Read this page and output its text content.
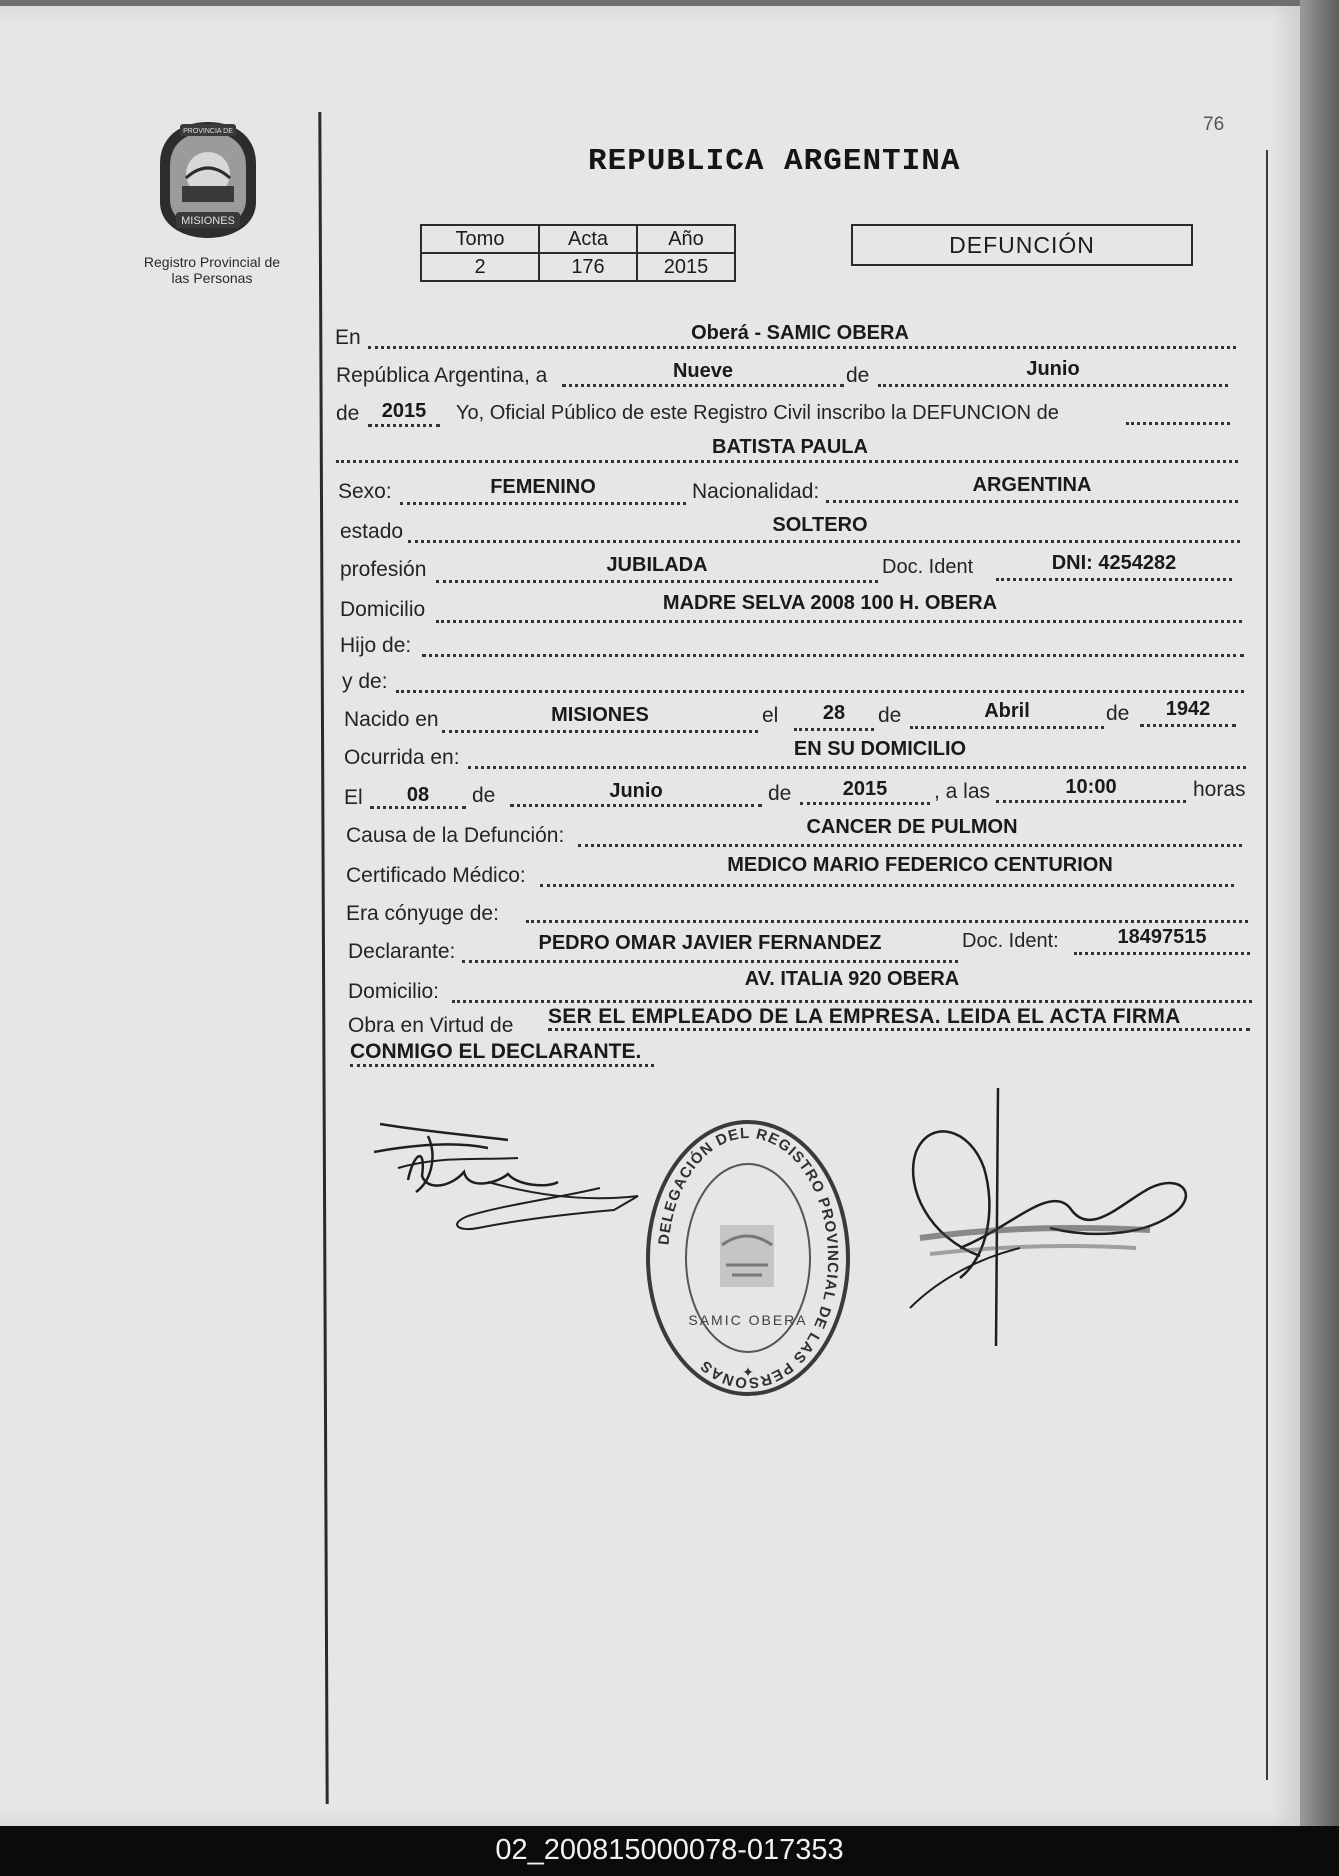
76
PROVINCIA DE
MISIONES
Registro Provincial de
las Personas
REPUBLICA ARGENTINA
Tomo	Acta	Año
2	176	2015
DEFUNCIÓN
En	Oberá - SAMIC OBERA
República Argentina, a	Nueve	de	Junio
de	2015	Yo, Oficial Público de este Registro Civil inscribo la DEFUNCION de
BATISTA PAULA
Sexo:	FEMENINO	Nacionalidad:	ARGENTINA
estado	SOLTERO
profesión	JUBILADA	Doc. Ident	DNI: 4254282
Domicilio	MADRE SELVA 2008 100 H. OBERA
Hijo de:
y de:
Nacido en	MISIONES	el	28	de	Abril	de	1942
Ocurrida en:	EN SU DOMICILIO
El	08	de	Junio	de	2015	, a las	10:00	horas
Causa de la Defunción:	CANCER DE PULMON
Certificado Médico:	MEDICO MARIO FEDERICO CENTURION
Era cónyuge de:
Declarante:	PEDRO OMAR JAVIER FERNANDEZ	Doc. Ident:	18497515
Domicilio:
AV. ITALIA 920 OBERA
Obra en Virtud de SER EL EMPLEADO DE LA EMPRESA. LEIDA EL ACTA FIRMA
CONMIGO EL DECLARANTE.
DELEGACIÓN DEL REGISTRO PROVINCIAL DE LAS PERSONAS
SAMIC OBERA
✦
02_200815000078-017353
